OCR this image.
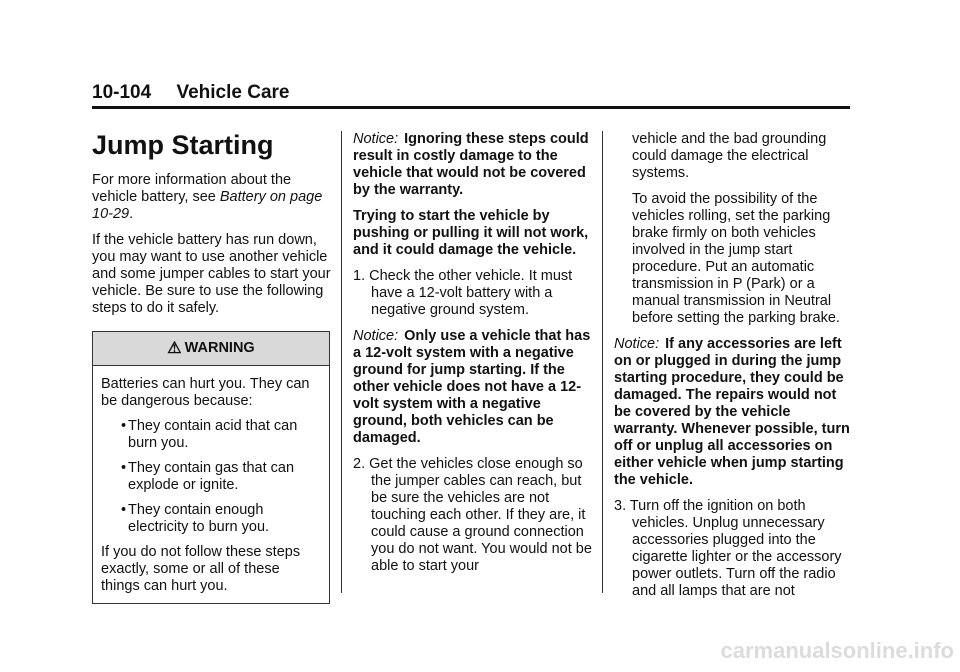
10-104 Vehicle Care
Jump Starting

For more information about the vehicle battery, see Battery on page 10-29.

If the vehicle battery has run down, you may want to use another vehicle and some jumper cables to start your vehicle. Be sure to use the following steps to do it safely.

⚠ WARNING

Batteries can hurt you. They can be dangerous because:

• They contain acid that can burn you.
• They contain gas that can explode or ignite.
• They contain enough electricity to burn you.

If you do not follow these steps exactly, some or all of these things can hurt you.

Notice: Ignoring these steps could result in costly damage to the vehicle that would not be covered by the warranty.

Trying to start the vehicle by pushing or pulling it will not work, and it could damage the vehicle.

1. Check the other vehicle. It must have a 12-volt battery with a negative ground system.

Notice: Only use a vehicle that has a 12-volt system with a negative ground for jump starting. If the other vehicle does not have a 12-volt system with a negative ground, both vehicles can be damaged.

2. Get the vehicles close enough so the jumper cables can reach, but be sure the vehicles are not touching each other. If they are, it could cause a ground connection you do not want. You would not be able to start your

vehicle and the bad grounding could damage the electrical systems.

To avoid the possibility of the vehicles rolling, set the parking brake firmly on both vehicles involved in the jump start procedure. Put an automatic transmission in P (Park) or a manual transmission in Neutral before setting the parking brake.

Notice: If any accessories are left on or plugged in during the jump starting procedure, they could be damaged. The repairs would not be covered by the vehicle warranty. Whenever possible, turn off or unplug all accessories on either vehicle when jump starting the vehicle.

3. Turn off the ignition on both vehicles. Unplug unnecessary accessories plugged into the cigarette lighter or the accessory power outlets. Turn off the radio and all lamps that are not

carmanualsonline.info
